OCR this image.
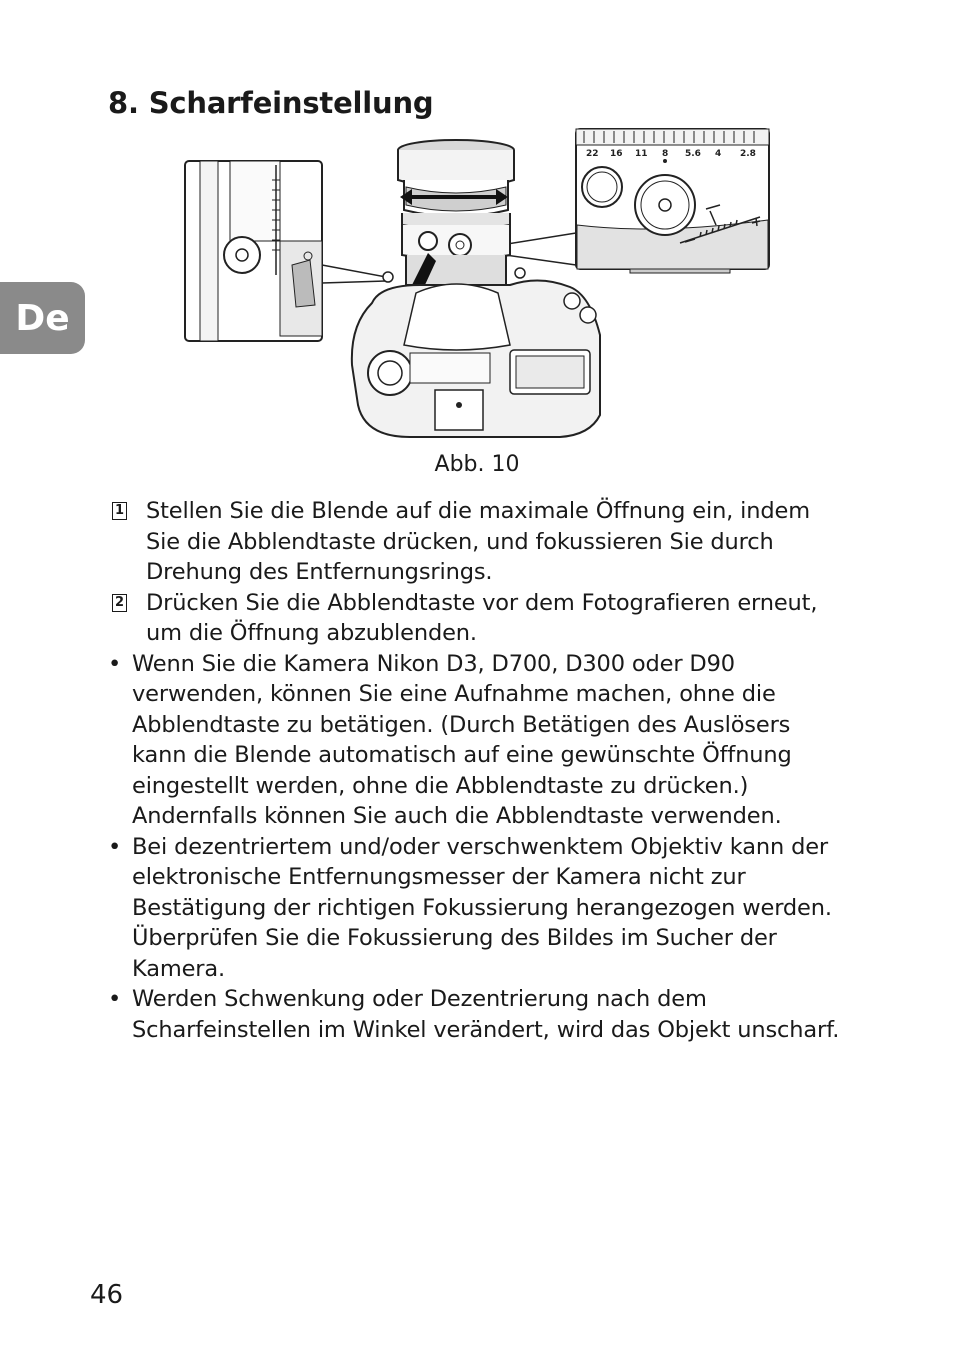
8. Scharfeinstellung
De
22 16 11 8 5.6 4 2.8
Abb. 10
1 Stellen Sie die Blende auf die maximale Öffnung ein, indem Sie die Abblendtaste drücken, und fokussieren Sie durch Drehung des Entfernungsrings.
2 Drücken Sie die Abblendtaste vor dem Fotografieren erneut, um die Öffnung abzublenden.
• Wenn Sie die Kamera Nikon D3, D700, D300 oder D90 verwenden, können Sie eine Aufnahme machen, ohne die Abblendtaste zu betätigen. (Durch Betätigen des Auslösers kann die Blende automatisch auf eine gewünschte Öffnung eingestellt werden, ohne die Abblendtaste zu drücken.) Andernfalls können Sie auch die Abblendtaste verwenden.
• Bei dezentriertem und/oder verschwenktem Objektiv kann der elektronische Entfernungsmesser der Kamera nicht zur Bestätigung der richtigen Fokussierung herangezogen werden. Überprüfen Sie die Fokussierung des Bildes im Sucher der Kamera.
• Werden Schwenkung oder Dezentrierung nach dem Scharfeinstellen im Winkel verändert, wird das Objekt unscharf.
46
